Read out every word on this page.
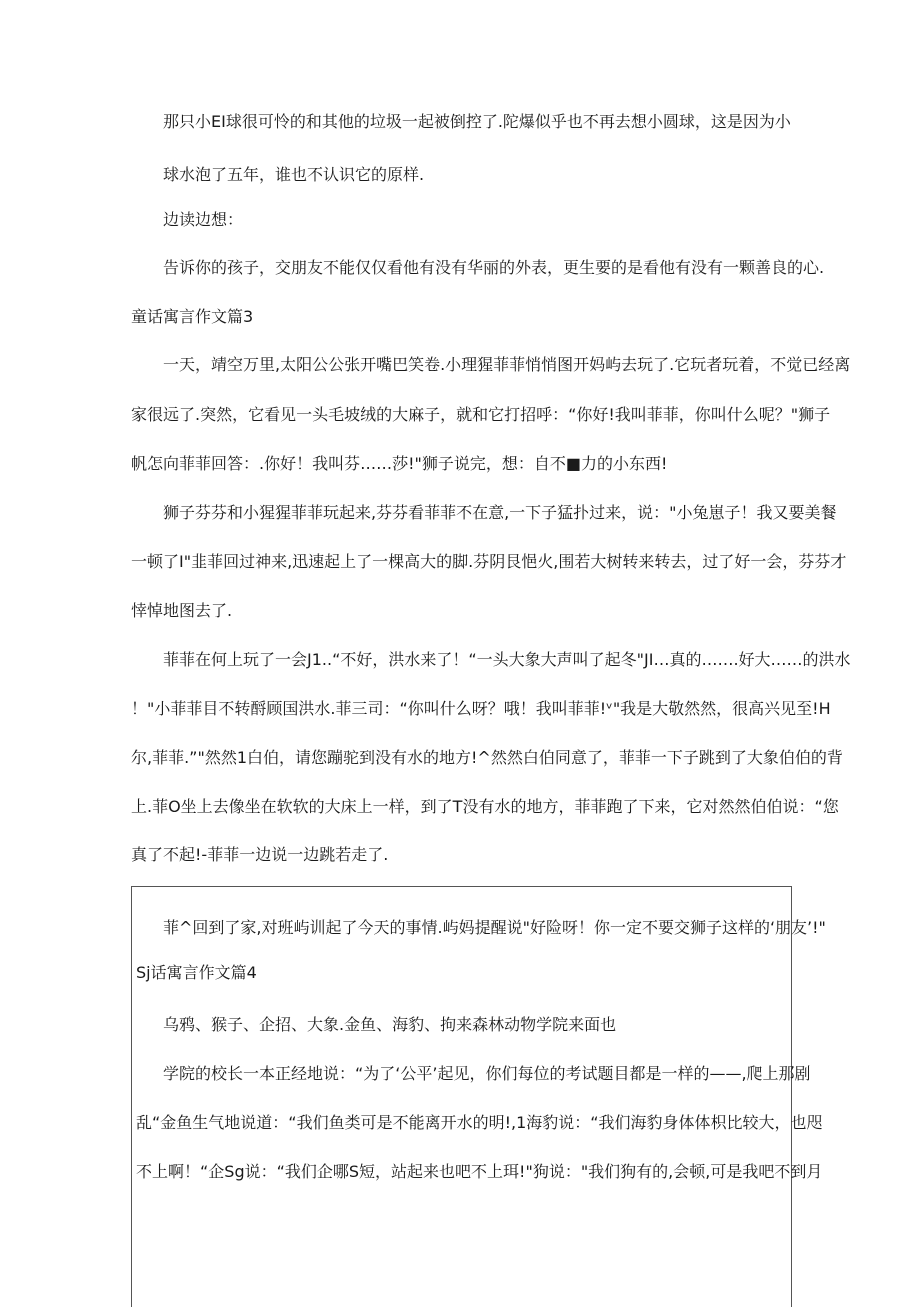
那只小EI球很可怜的和其他的垃圾一起被倒控了.陀爆似乎也不再去想小圆球，这是因为小
球水泡了五年，谁也不认识它的原样.
边读边想：
告诉你的孩子，交朋友不能仅仅看他有没有华丽的外表，更生要的是看他有没有一颗善良的心.
童话寓言作文篇3
一天，靖空万里,太阳公公张开嘴巴笑卷.小理猩菲菲悄悄图开妈屿去玩了.它玩者玩着，不觉已经离
家很远了.突然，它看见一头毛坡绒的大麻子，就和它打招呼：“你好!我叫菲菲，你叫什么呢？"狮子
帆怎向菲菲回答：.你好！我叫芬……莎!"狮子说完，想：自不■力的小东西!
狮子芬芬和小猩猩菲菲玩起来,芬芬看菲菲不在意,一下子猛扑过来，说："小兔崽子！我又要美餐
一顿了I"韭菲回过神来,迅速起上了一棵高大的脚.芬阴艮悒火,围若大树转来转去，过了好一会，芬芬才
悻悼地图去了.
菲菲在何上玩了一会J1..“不好，洪水来了！“一头大象大声叫了起冬"JI…真的…….好大……的洪水
！"小菲菲目不转酹顾国洪水.菲三司：“你叫什么呀？哦！我叫菲菲!ᵛ"我是大敬然然，很高兴见至!H
尔,菲菲.”"然然1白伯，请您蹦驼到没有水的地方!^然然白伯同意了，菲菲一下子跳到了大象伯伯的背
上.菲O坐上去像坐在软软的大床上一样，到了T没有水的地方，菲菲跑了下来，它对然然伯伯说：“您
真了不起!-菲菲一边说一边跳若走了.
菲^回到了家,对班屿训起了今天的事情.屿妈提醒说"好险呀！你一定不要交狮子这样的‘朋友’!"
Sj话寓言作文篇4
乌鸦、猴子、企招、大象.金鱼、海豹、拘来森林动物学院来面也
学院的校长一本正经地说：“为了‘公平’起见，你们每位的考试题目都是一样的——,爬上那剧
乱“金鱼生气地说道：“我们鱼类可是不能离开水的明!,1海豹说：“我们海豹身体体枳比较大，也咫
不上啊！“企Sg说：“我们企哪S短，站起来也吧不上珥!"狗说："我们狗有的,会顿,可是我吧不到月
